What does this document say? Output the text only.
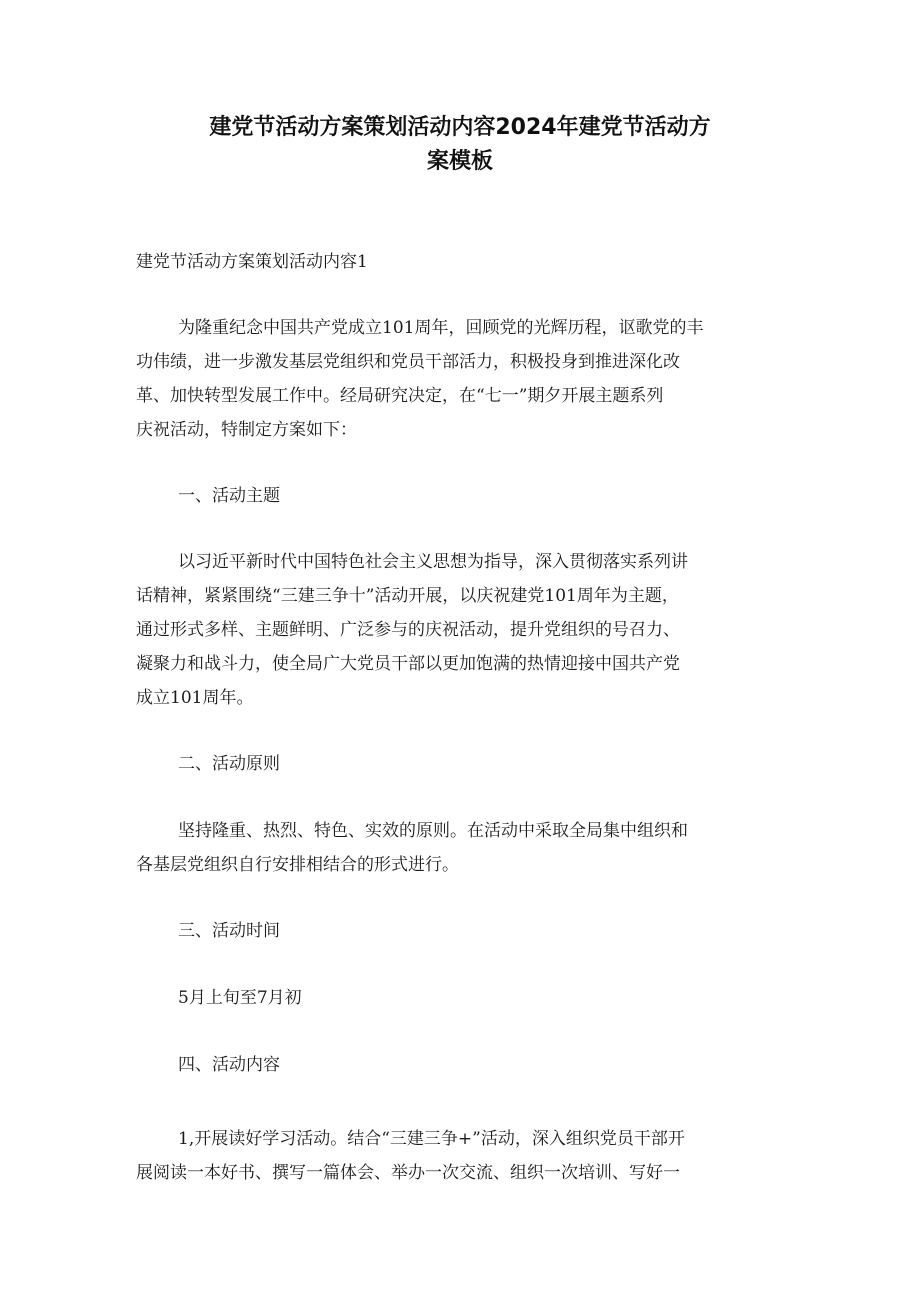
建党节活动方案策划活动内容2024年建党节活动方
案模板

建党节活动方案策划活动内容1

为隆重纪念中国共产党成立101周年，回顾党的光辉历程，讴歌党的丰
功伟绩，进一步激发基层党组织和党员干部活力，积极投身到推进深化改
革、加快转型发展工作中。经局研究决定，在“七一”期夕开展主题系列
庆祝活动，特制定方案如下：

一、活动主题

以习近平新时代中国特色社会主义思想为指导，深入贯彻落实系列讲
话精神，紧紧围绕“三建三争十”活动开展，以庆祝建党101周年为主题，
通过形式多样、主题鲜明、广泛参与的庆祝活动，提升党组织的号召力、
凝聚力和战斗力，使全局广大党员干部以更加饱满的热情迎接中国共产党
成立101周年。

二、活动原则

坚持隆重、热烈、特色、实效的原则。在活动中采取全局集中组织和
各基层党组织自行安排相结合的形式进行。

三、活动时间

5月上旬至7月初

四、活动内容

1,开展读好学习活动。结合“三建三争+”活动，深入组织党员干部开
展阅读一本好书、撰写一篇体会、举办一次交流、组织一次培训、写好一
